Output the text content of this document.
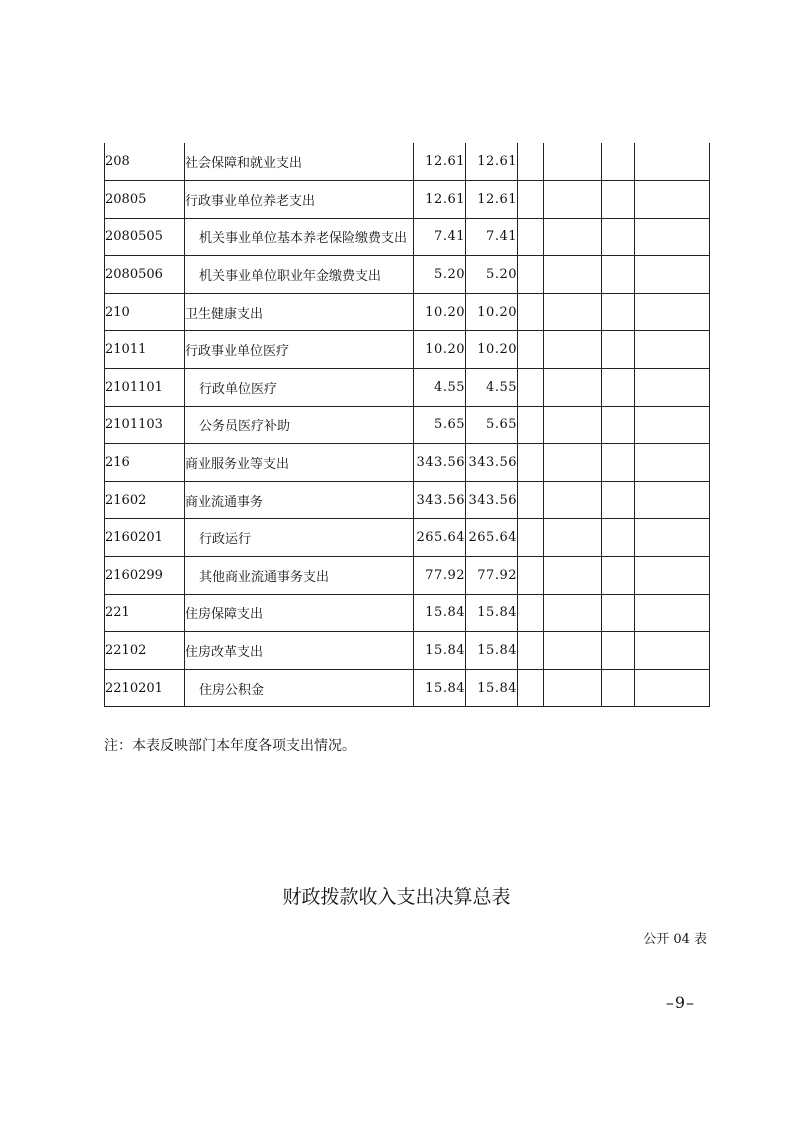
208	社会保障和就业支出	12.61	12.61				
20805	行政事业单位养老支出	12.61	12.61				
2080505	机关事业单位基本养老保险缴费支出	7.41	7.41				
2080506	机关事业单位职业年金缴费支出	5.20	5.20				
210	卫生健康支出	10.20	10.20				
21011	行政事业单位医疗	10.20	10.20				
2101101	行政单位医疗	4.55	4.55				
2101103	公务员医疗补助	5.65	5.65				
216	商业服务业等支出	343.56	343.56				
21602	商业流通事务	343.56	343.56				
2160201	行政运行	265.64	265.64				
2160299	其他商业流通事务支出	77.92	77.92				
221	住房保障支出	15.84	15.84				
22102	住房改革支出	15.84	15.84				
2210201	住房公积金	15.84	15.84				
注：本表反映部门本年度各项支出情况。
财政拨款收入支出决算总表
公开 04 表
–9–
